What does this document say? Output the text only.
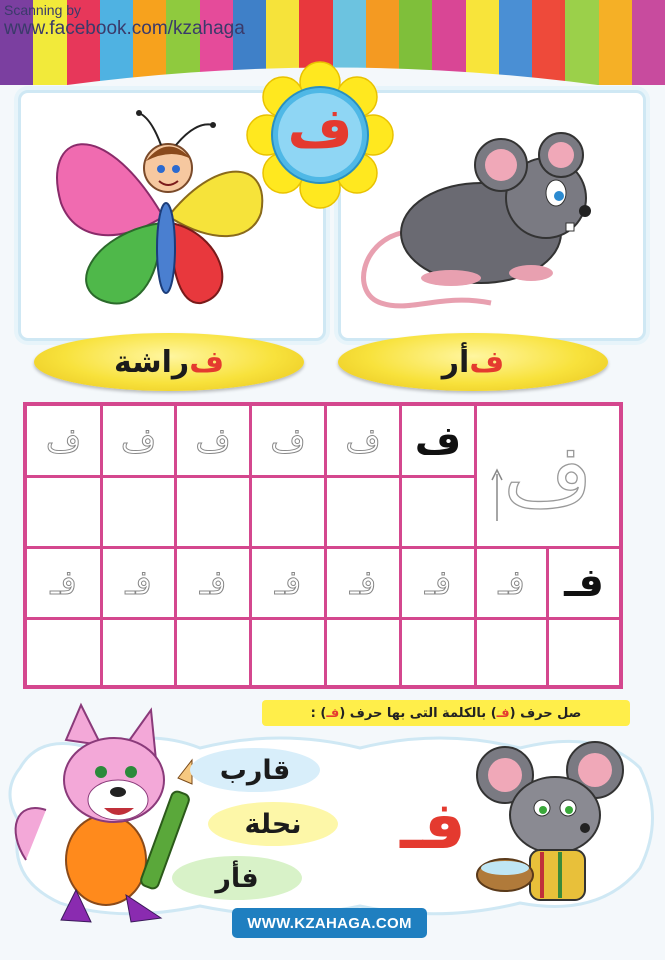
Scanning by
www.facebook.com/kzahaga
ف
أر ف
راشة ف
ف	ف	ف	ف	ف ف ف
فـ	فـ	فـ	فـ	فـ	فـ	فـ فـ
صل حرف (
فـ
) بالكلمة التى بها حرف (
فـ
) :
قارب
نحلة
فأر
فـ
WWW.KZAHAGA.COM
